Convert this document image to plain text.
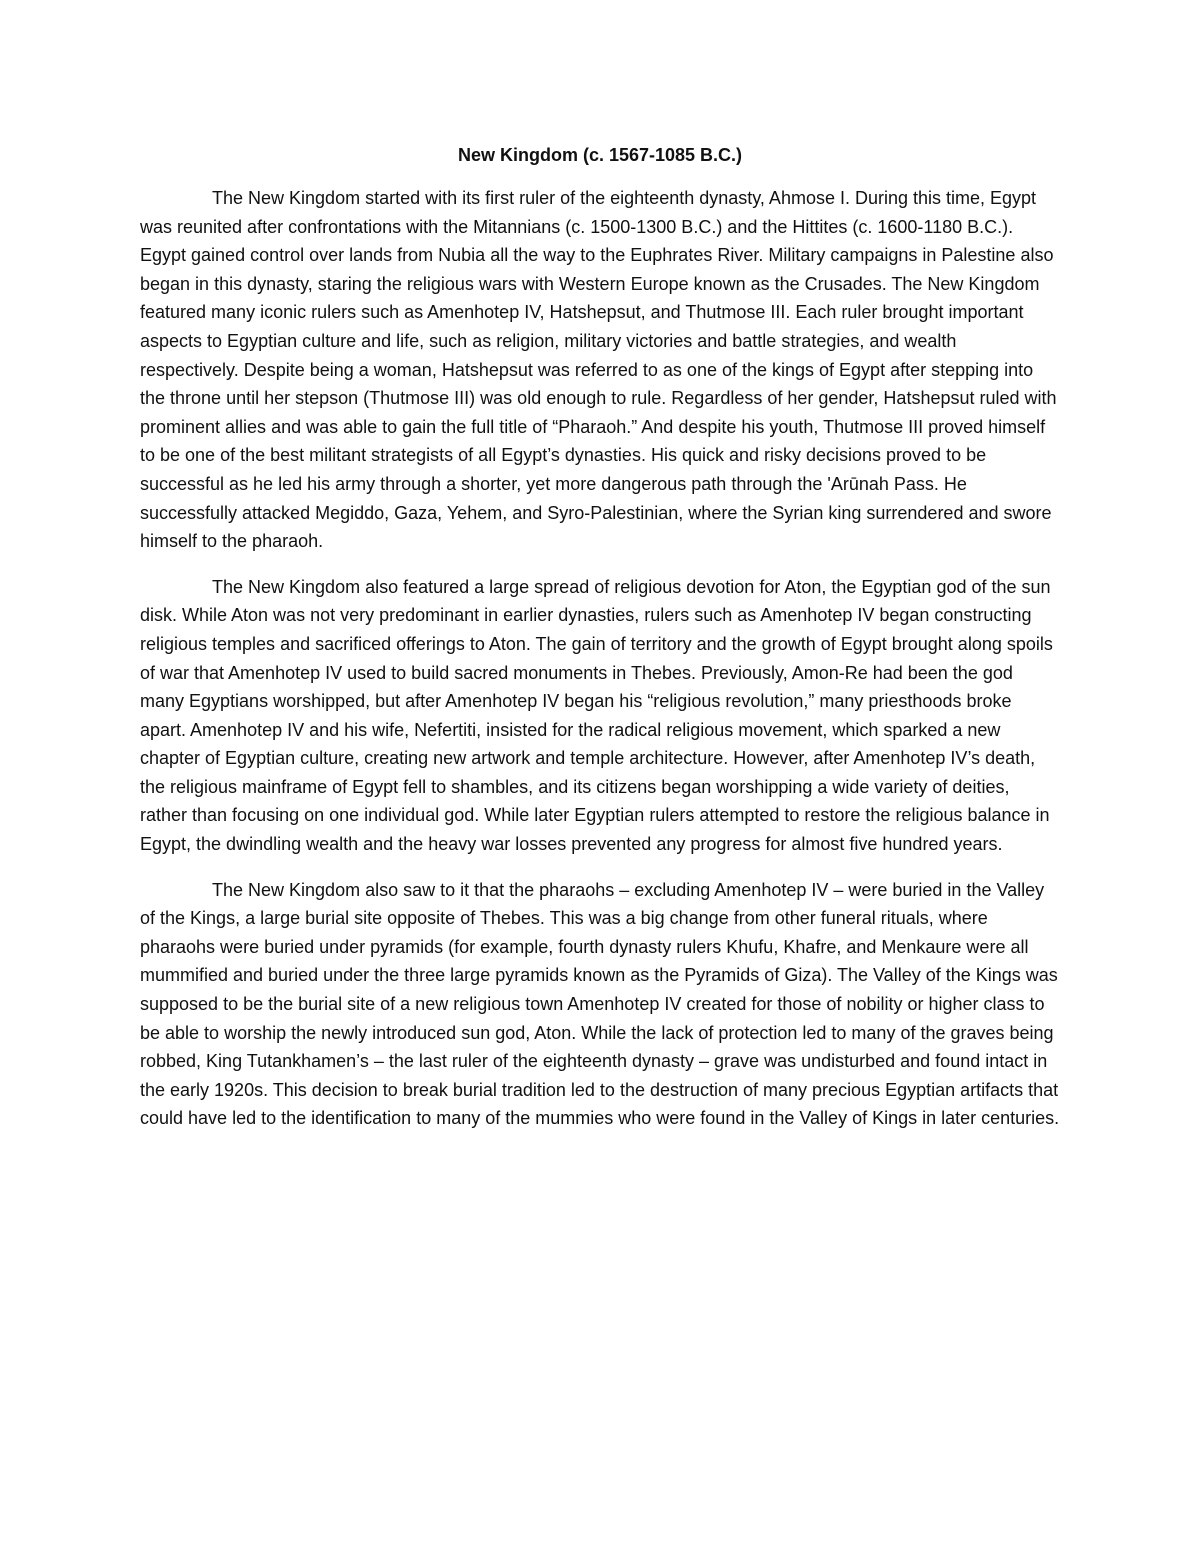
New Kingdom (c. 1567-1085 B.C.)

The New Kingdom started with its first ruler of the eighteenth dynasty, Ahmose I. During this time, Egypt was reunited after confrontations with the Mitannians (c. 1500-1300 B.C.) and the Hittites (c. 1600-1180 B.C.). Egypt gained control over lands from Nubia all the way to the Euphrates River. Military campaigns in Palestine also began in this dynasty, staring the religious wars with Western Europe known as the Crusades. The New Kingdom featured many iconic rulers such as Amenhotep IV, Hatshepsut, and Thutmose III. Each ruler brought important aspects to Egyptian culture and life, such as religion, military victories and battle strategies, and wealth respectively. Despite being a woman, Hatshepsut was referred to as one of the kings of Egypt after stepping into the throne until her stepson (Thutmose III) was old enough to rule. Regardless of her gender, Hatshepsut ruled with prominent allies and was able to gain the full title of “Pharaoh.” And despite his youth, Thutmose III proved himself to be one of the best militant strategists of all Egypt’s dynasties. His quick and risky decisions proved to be successful as he led his army through a shorter, yet more dangerous path through the 'Arūnah Pass. He successfully attacked Megiddo, Gaza, Yehem, and Syro-Palestinian, where the Syrian king surrendered and swore himself to the pharaoh.

The New Kingdom also featured a large spread of religious devotion for Aton, the Egyptian god of the sun disk. While Aton was not very predominant in earlier dynasties, rulers such as Amenhotep IV began constructing religious temples and sacrificed offerings to Aton. The gain of territory and the growth of Egypt brought along spoils of war that Amenhotep IV used to build sacred monuments in Thebes. Previously, Amon-Re had been the god many Egyptians worshipped, but after Amenhotep IV began his “religious revolution,” many priesthoods broke apart. Amenhotep IV and his wife, Nefertiti, insisted for the radical religious movement, which sparked a new chapter of Egyptian culture, creating new artwork and temple architecture. However, after Amenhotep IV’s death, the religious mainframe of Egypt fell to shambles, and its citizens began worshipping a wide variety of deities, rather than focusing on one individual god. While later Egyptian rulers attempted to restore the religious balance in Egypt, the dwindling wealth and the heavy war losses prevented any progress for almost five hundred years.

The New Kingdom also saw to it that the pharaohs – excluding Amenhotep IV – were buried in the Valley of the Kings, a large burial site opposite of Thebes. This was a big change from other funeral rituals, where pharaohs were buried under pyramids (for example, fourth dynasty rulers Khufu, Khafre, and Menkaure were all mummified and buried under the three large pyramids known as the Pyramids of Giza). The Valley of the Kings was supposed to be the burial site of a new religious town Amenhotep IV created for those of nobility or higher class to be able to worship the newly introduced sun god, Aton. While the lack of protection led to many of the graves being robbed, King Tutankhamen’s – the last ruler of the eighteenth dynasty – grave was undisturbed and found intact in the early 1920s. This decision to break burial tradition led to the destruction of many precious Egyptian artifacts that could have led to the identification to many of the mummies who were found in the Valley of Kings in later centuries.
